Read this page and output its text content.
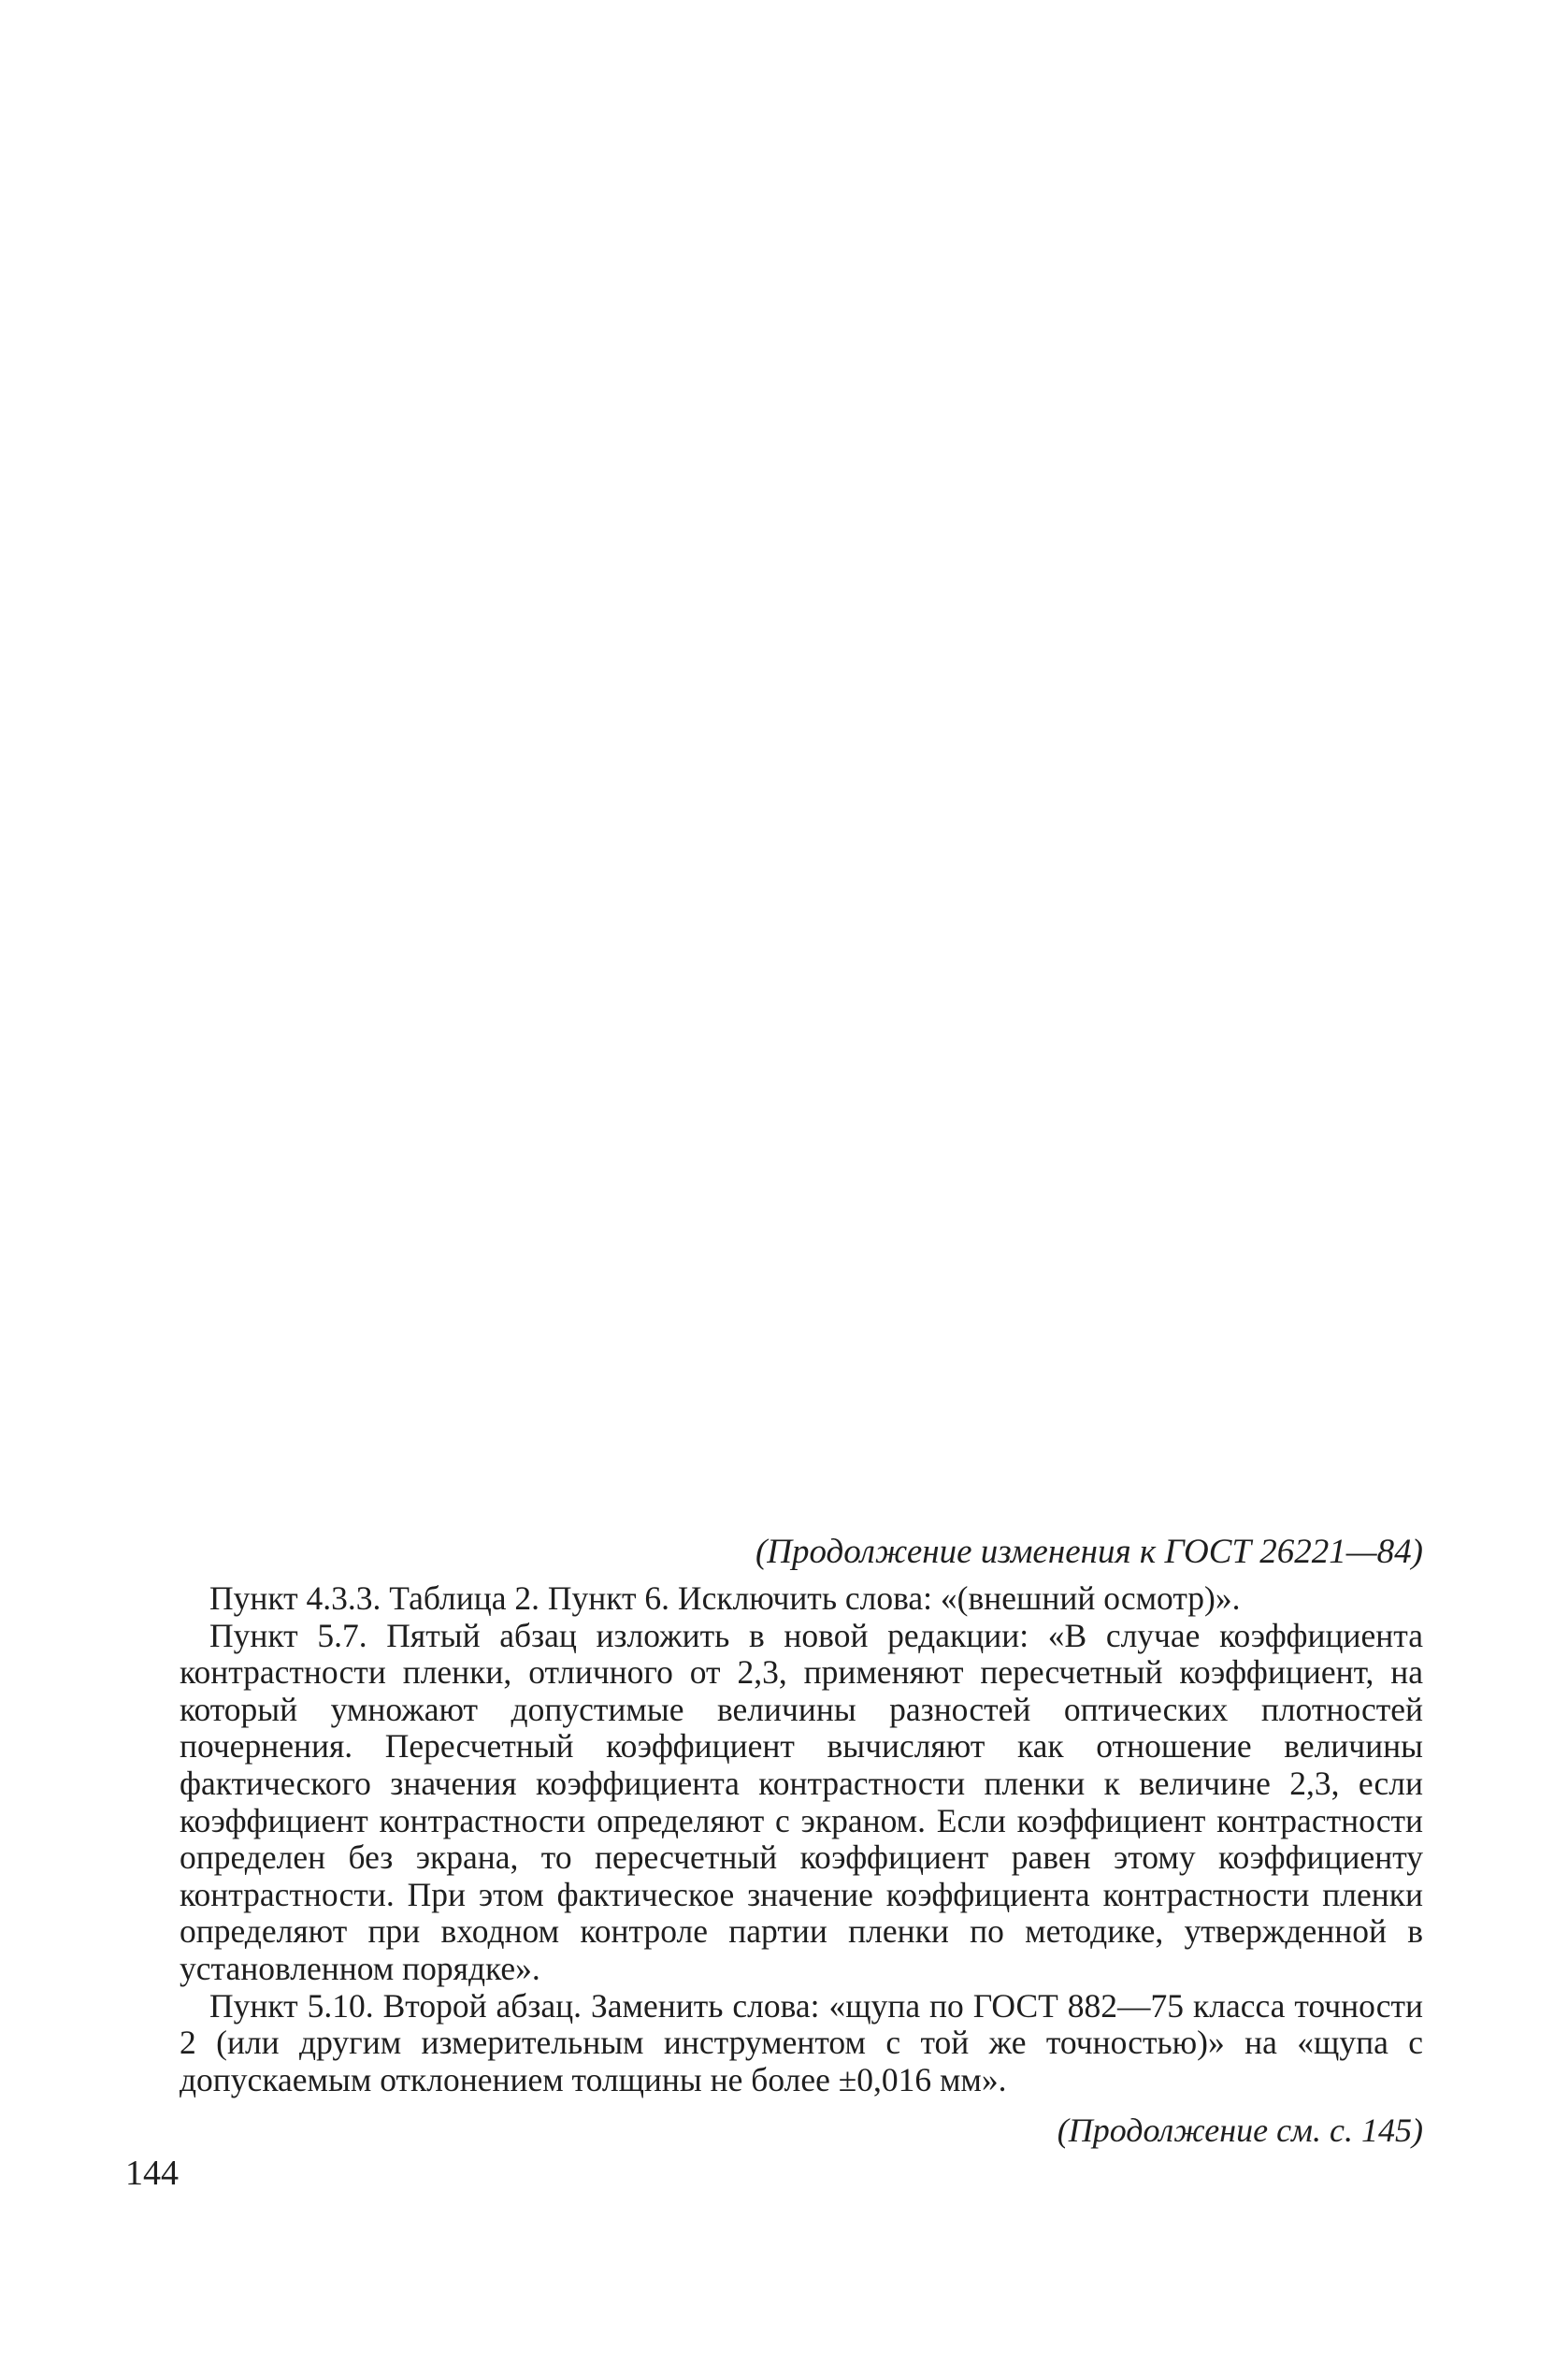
(Продолжение изменения к ГОСТ 26221—84)

Пункт 4.3.3. Таблица 2. Пункт 6. Исключить слова: «(внешний осмотр)».

Пункт 5.7. Пятый абзац изложить в новой редакции: «В случае коэффициента контрастности пленки, отличного от 2,3, применяют пересчетный коэффициент, на который умножают допустимые величины разностей оптических плотностей почернения. Пересчетный коэффициент вычисляют как отношение величины фактического значения коэффициента контрастности пленки к величине 2,3, если коэффициент контрастности определяют с экраном. Если коэффициент контрастности определен без экрана, то пересчетный коэффициент равен этому коэффициенту контрастности. При этом фактическое значение коэффициента контрастности пленки определяют при входном контроле партии пленки по методике, утвержденной в установленном порядке».

Пункт 5.10. Второй абзац. Заменить слова: «щупа по ГОСТ 882—75 класса точности 2 (или другим измерительным инструментом с той же точностью)» на «щупа с допускаемым отклонением толщины не более ±0,016 мм».

(Продолжение см. с. 145)

144
